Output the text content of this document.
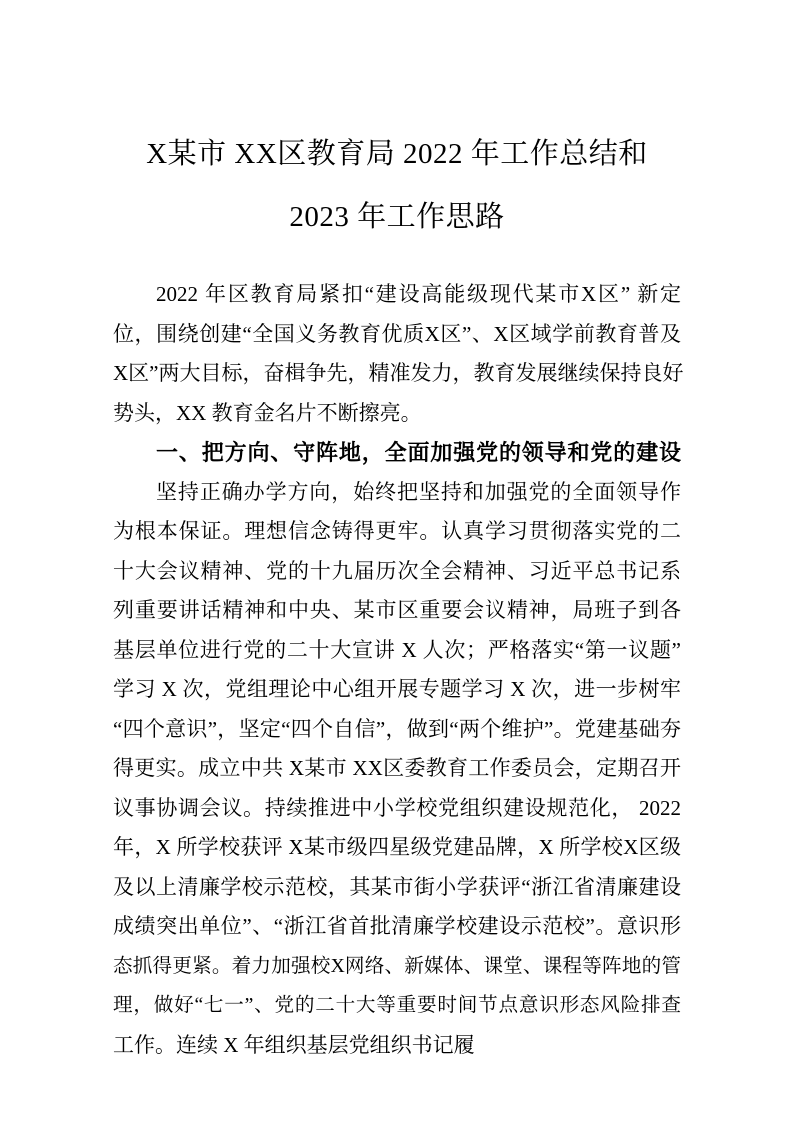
X某市 XX区教育局 2022 年工作总结和
2023 年工作思路
2022 年区教育局紧扣“建设高能级现代某市X区” 新定
位，围绕创建“全国义务教育优质X区”、X区域学前教育普及
X区”两大目标，奋楫争先，精准发力，教育发展继续保持良好
势头，XX 教育金名片不断擦亮。
一、把方向、守阵地，全面加强党的领导和党的建设
坚持正确办学方向，始终把坚持和加强党的全面领导作
为根本保证。理想信念铸得更牢。认真学习贯彻落实党的二
十大会议精神、党的十九届历次全会精神、习近平总书记系
列重要讲话精神和中央、某市区重要会议精神，局班子到各
基层单位进行党的二十大宣讲 X 人次；严格落实“第一议题”
学习 X 次，党组理论中心组开展专题学习 X 次，进一步树牢
“四个意识”，坚定“四个自信”，做到“两个维护”。党建基础夯
得更实。成立中共 X某市 XX区委教育工作委员会，定期召开
议事协调会议。持续推进中小学校党组织建设规范化， 2022
年，X 所学校获评 X某市级四星级党建品牌，X 所学校X区级
及以上清廉学校示范校，其某市街小学获评“浙江省清廉建设
成绩突出单位”、“浙江省首批清廉学校建设示范校”。意识形
态抓得更紧。着力加强校X网络、新媒体、课堂、课程等阵地的管
理，做好“七一”、党的二十大等重要时间节点意识形态风险排查
工作。连续 X 年组织基层党组织书记履
